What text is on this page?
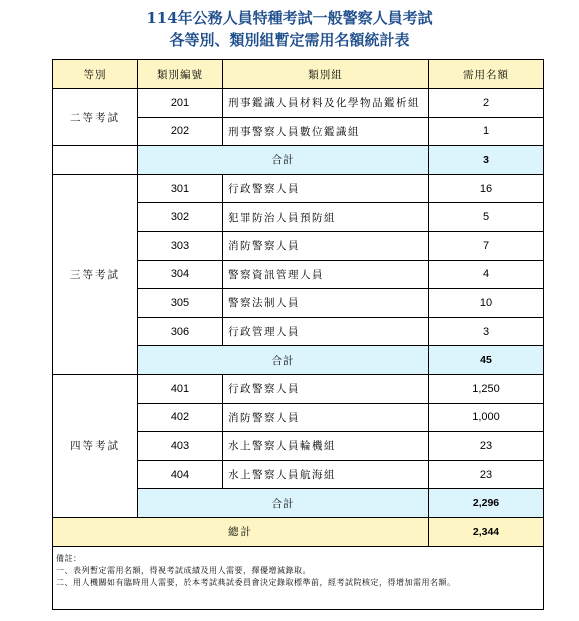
114年公務人員特種考試一般警察人員考試
各等別、類別組暫定需用名額統計表
等別	類別編號	類別組	需用名額
二等考試	201	刑事鑑識人員材料及化學物品鑑析組	2
	202	刑事警察人員數位鑑識組	1
	合計		3
三等考試	301	行政警察人員	16
	302	犯罪防治人員預防組	5
	303	消防警察人員	7
	304	警察資訊管理人員	4
	305	警察法制人員	10
	306	行政管理人員	3
	合計		45
四等考試	401	行政警察人員	1,250
	402	消防警察人員	1,000
	403	水上警察人員輪機組	23
	404	水上警察人員航海組	23
	合計		2,296
總計			2,344

備註：
一、表列暫定需用名額，得視考試成績及用人需要，擇優增減錄取。
二、用人機關如有臨時用人需要，於本考試典試委員會決定錄取標準前，經考試院核定，得增加需用名額。			
